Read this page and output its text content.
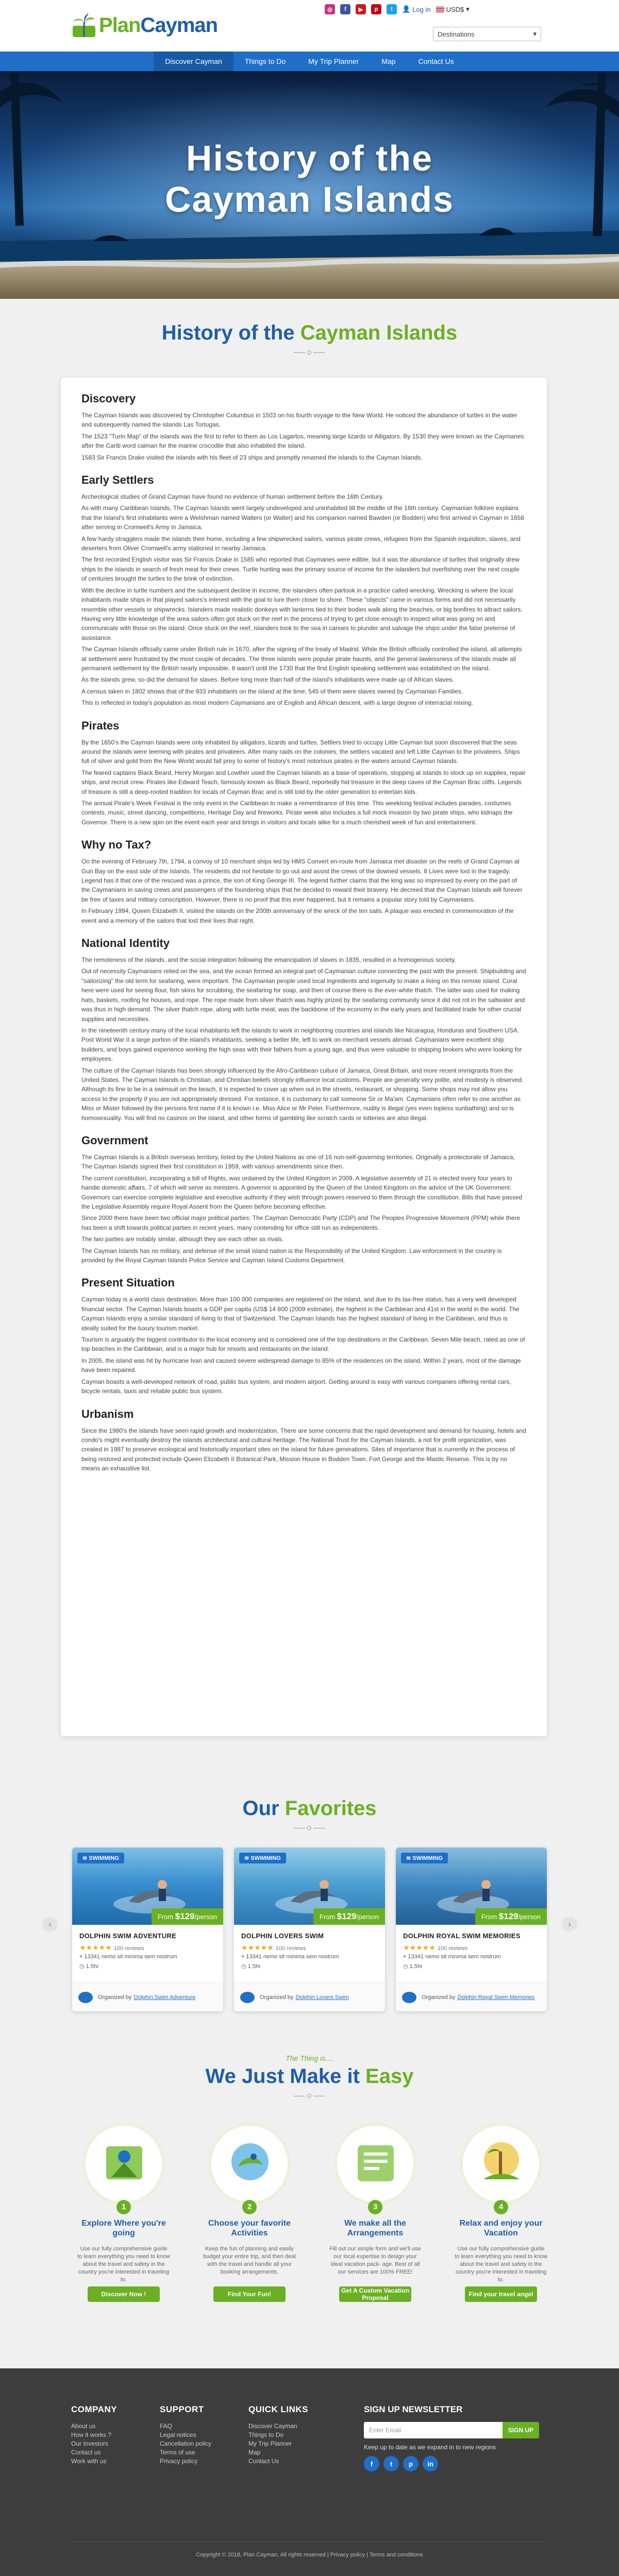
PlanCayman
◎	f	▶	p	t	👤 Log in USD$ ▾
Destinations	▾
Discover Cayman	Things to Do	My Trip Planner	Map	Contact Us
History of the
Cayman Islands
History of the Cayman Islands
Discovery

The Cayman Islands was discovered by Christopher Columbus in 1503 on his fourth voyage to the New World. He noticed the abundance of turtles in the water and subsequently named the islands Las Tortugas.

The 1523 "Turin Map" of the islands was the first to refer to them as Los Lagartos, meaning large lizards or Alligators. By 1530 they were known as the Caymanes after the Carib word caiman for the marine crocodile that also inhabited the island.

1583 Sir Francis Drake visited the islands with his fleet of 23 ships and promptly renamed the islands to the Cayman Islands.

Early Settlers

Archeological studies of Grand Cayman have found no evidence of human settlement before the 16th Century.

As with many Caribbean Islands, The Cayman Islands went largely undeveloped and uninhabited till the middle of the 16th century. Caymanian folklore explains that the Island's first inhabitants were a Welshman named Walters (or Walter) and his companion named Bawden (or Bodden) who first arrived in Cayman in 1658 after serving in Cromwell's Army in Jamaica.

A few hardy stragglers made the islands their home, including a few shipwrecked sailors, various pirate crews, refugees from the Spanish inquisition, slaves, and deserters from Oliver Cromwell's army stationed in nearby Jamaica.

The first recorded English visitor was Sir Francis Drake in 1585 who reported that Caymanes were edible, but it was the abundance of turtles that originally drew ships to the islands in search of fresh meat for their crews. Turtle hunting was the primary source of income for the islanders but overfishing over the next couple of centuries brought the turtles to the brink of extinction.

With the decline in turtle numbers and the subsequent decline in income, the islanders often partook in a practice called wrecking. Wrecking is where the local inhabitants made ships in that played sailors's interest with the goal to lure them closer to shore. These "objects" came in various forms and did not necessarily resemble other vessels or shipwrecks. Islanders made realistic donkeys with lanterns tied to their bodies walk along the beaches, or big bonfires to attract sailors. Having very little knowledge of the area sailors often got stuck on the reef in the process of trying to get close enough to inspect what was going on and communicate with those on the island. Once stuck on the reef, islanders took to the sea in canoes to plunder and salvage the ships under the false pretense of assistance.

The Cayman Islands officially came under British rule in 1670, after the signing of the treaty of Madrid. While the British officially controlled the island, all attempts at settlement were frustrated by the most couple of decades. The three islands were popular pirate haunts, and the general lawlessness of the islands made all permanent settlement by the British nearly impossible. It wasn't until the 1730 that the first English speaking settlement was established on the island.

As the islands grew, so did the demand for slaves. Before long more than half of the island's inhabitants were made up of African slaves.

A census taken in 1802 shows that of the 933 inhabitants on the island at the time, 545 of them were slaves owned by Caymanian Families.

This is reflected in today's population as most modern Caymanians are of English and African descent, with a large degree of interracial mixing.

Pirates

By the 1650's the Cayman Islands were only inhabited by alligators, lizards and turtles. Settlers tried to occupy Little Cayman but soon discovered that the seas around the islands were teeming with pirates and privateers. After many raids on the colonies, the settlers vacated and left Little Cayman to the privateers. Ships full of silver and gold from the New World would fall prey to some of history's most notorious pirates in the waters around Cayman Islands.

The feared captains Black Beard, Henry Morgan and Lowther used the Cayman Islands as a base of operations, stopping at islands to stock up on supplies, repair ships, and recruit crew. Pirates like Edward Teach, famously known as Black Beard, reportedly hid treasure in the deep caves of the Cayman Brac cliffs. Legends of treasure is still a deep-rooted tradition for locals of Cayman Brac and is still told by the older generation to entertain kids.

The annual Pirate's Week Festival is the only event in the Caribbean to make a remembrance of this time. This weeklong festival includes parades, costumes contests, music, street dancing, competitions, Heritage Day and fireworks. Pirate week also includes a full mock invasion by two pirate ships, who kidnaps the Governor. There is a new spin on the event each year and brings in visitors and locals alike for a much cherished week of fun and entertainment.

Why no Tax?

On the evening of February 7th, 1794, a convoy of 10 merchant ships led by HMS Convert en-route from Jamaica met disaster on the reefs of Grand Cayman at Gun Bay on the east side of the Islands. The residents did not hesitate to go out and assist the crews of the downed vessels. 8 Lives were lost in the tragedy. Legend has it that one of the rescued was a prince, the son of King George III. The legend further claims that the king was so impressed by every on the part of the Caymanians in saving crews and passengers of the foundering ships that he decided to reward their bravery. He decreed that the Cayman Islands will forever be free of taxes and military conscription. However, there is no proof that this ever happened, but it remains a popular story told by Caymanians.

In February 1994, Queen Elizabeth II, visited the islands on the 200th anniversary of the wreck of the ten sails. A plaque was erected in commemoration of the event and a memory of the sailors that lost their lives that night.

National Identity

The remoteness of the islands, and the social integration following the emancipation of slaves in 1835, resulted in a homogenous society.

Out of necessity Caymanians relied on the sea, and the ocean formed an integral part of Caymanian culture connecting the past with the present. Shipbuilding and "sailorizing" the old term for seafaring, were important. The Caymanian people used local ingredients and ingenuity to make a living on this remote island. Coral here were used for seeing flour, fish skins for scrubbing, the seafaring for soap, and then of course there is the ever-white thatch. The latter was used for making hats, baskets, roofing for houses, and rope. The rope made from silver thatch was highly prized by the seafaring community since it did not rot in the saltwater and was thus in high demand. The silver thatch rope, along with turtle meat, was the backbone of the economy in the early years and facilitated trade for other crucial supplies and necessities.

In the nineteenth century many of the local inhabitants left the islands to work in neighboring countries and islands like Nicaragua, Honduras and Southern USA. Post World War II a large portion of the island's inhabitants, seeking a better life, left to work on merchant vessels abroad. Caymanians were excellent ship builders, and boys gained experience working the high seas with their fathers from a young age, and thus were valuable to shipping brokers who were looking for employees.

The culture of the Cayman Islands has been strongly influenced by the Afro-Caribbean culture of Jamaica, Great Britain, and more recent immigrants from the United States. The Cayman Islands is Christian, and Christian beliefs strongly influence local customs. People are generally very polite, and modesty is observed. Although its fine to be in a swimsuit on the beach, it is expected to cover up when out in the streets, restaurant, or shopping. Some shops may not allow you access to the property if you are not appropriately dressed. For instance, it is customary to call someone Sir or Ma'am. Caymanians often refer to one another as Miss or Mister followed by the persons first name if it is known i.e. Miss Alice or Mr Peter. Furthermore, nudity is illegal (yes even topless sunbathing) and so is homosexuality. You will find no casinos on the island, and other forms of gambling like scratch cards or lotteries are also illegal.

Government

The Cayman Islands is a British overseas territory, listed by the United Nations as one of 16 non-self-governing territories. Originally a protectorate of Jamaica, The Cayman Islands signed their first constitution in 1959, with various amendments since then.

The current constitution, incorporating a bill of Rights, was ordained by the United Kingdom in 2009. A legislative assembly of 21 is elected every four years to handle domestic affairs, 7 of which will serve as ministers. A governor is appointed by the Queen of the United Kingdom on the advice of the UK Government. Governors can exercise complete legislative and executive authority if they wish through powers reserved to them through the constitution. Bills that have passed the Legislative Assembly require Royal Assent from the Queen before becoming effective.

Since 2000 there have been two official major political parties: The Cayman Democratic Party (CDP) and The Peoples Progressive Movement (PPM) while there has been a shift towards political parties in recent years, many contending for office still run as independents.

The two parties are notably similar, although they are each other as rivals.

The Cayman Islands has no military, and defense of the small island nation is the Responsibility of the United Kingdom. Law enforcement in the country is provided by the Royal Cayman Islands Police Service and Cayman Island Customs Department.

Present Situation

Cayman today is a world class destination. More than 100 000 companies are registered on the island, and due to its tax-free status, has a very well developed financial sector. The Cayman Islands boasts a GDP per capita (US$ 14 800 (2009 estimate), the highest in the Caribbean and 41st in the world in the world. The Cayman Islands enjoy a similar standard of living to that of Switzerland. The Cayman Islands has the highest standard of living in the Caribbean, and thus is ideally suited for the luxury tourism market.

Tourism is arguably the biggest contributor to the local economy and is considered one of the top destinations in the Caribbean. Seven Mile beach, rated as one of top beaches in the Caribbean, and is a major hub for resorts and restaurants on the island.

In 2005, the island was hit by hurricane Ivan and caused severe widespread damage to 85% of the residences on the island. Within 2 years, most of the damage have been repaired.

Cayman boasts a well-developed network of road, public bus system, and modern airport. Getting around is easy with various companies offering rental cars, bicycle rentals, taxis and reliable public bus system.

Urbanism

Since the 1980's the islands have seen rapid growth and modernization. There are some concerns that the rapid development and demand for housing, hotels and condo's might eventually destroy the islands architectural and cultural heritage. The National Trust for the Cayman Islands, a not for profit organization, was created in 1987 to preserve ecological and historically important sites on the island for future generations. Sites of importance that is currently in the process of being restored and protected include Queen Elizabeth II Botanical Park, Mission House in Bodden Town, Fort George and the Mastic Reserve. This is by no means an exhaustive list.

Our Favorites
‹	›
≋ SWIMMING
From $129/person
DOLPHIN SWIM ADVENTURE
★★★★★ 100 reviews
⌖ 13341 nemo sit minima sem nostrum
◷ 1.5hr
Organized by Dolphin Swim Adventure
≋ SWIMMING
From $129/person
DOLPHIN LOVERS SWIM
★★★★★ 100 reviews
⌖ 13341 nemo sit minima sem nostrum
◷ 1.5hr
Organized by Dolphin Lovers Swim
≋ SWIMMING
From $129/person
DOLPHIN ROYAL SWIM MEMORIES
★★★★★ 100 reviews
⌖ 13341 nemo sit minima sem nostrum
◷ 1.5hr
Organized by Dolphin Royal Swim Memories
The Thing is....
We Just Make it Easy
1
Explore Where you're going

Use our fully comprehensive guide to learn everything you need to know about the travel and safety in the country you're interested in traveling to.

Discover Now !
2
Choose your favorite Activities

Keep the fun of planning and easily budget your entire trip, and then deal with the travel and handle all your booking arrangements.

Find Your Fun!
3
We make all the Arrangements

Fill out our simple form and we'll use our local expertise to design your ideal vacation pack- age. Best of all our services are 100% FREE!

Get A Custom Vacation Proposal
4
Relax and enjoy your Vacation

Use our fully comprehensive guide to learn everything you need to know about the travel and safety in the country you're interested in traveling to.

Find your travel angel
COMPANY
About us
How it works ?
Our Investors
Contact us
Work with us
SUPPORT
FAQ
Legal notices
Cancellation policy
Terms of use
Privacy policy
QUICK LINKS
Discover Cayman
Things to Do
My Trip Planner
Map
Contact Us
SIGN UP NEWSLETTER
Enter Email	SIGN UP
Keep up to date as we expand in to new regions
f	t	p	in
Copyright © 2018, Plan Cayman. All rights reserved | Privacy policy | Terms and conditions
